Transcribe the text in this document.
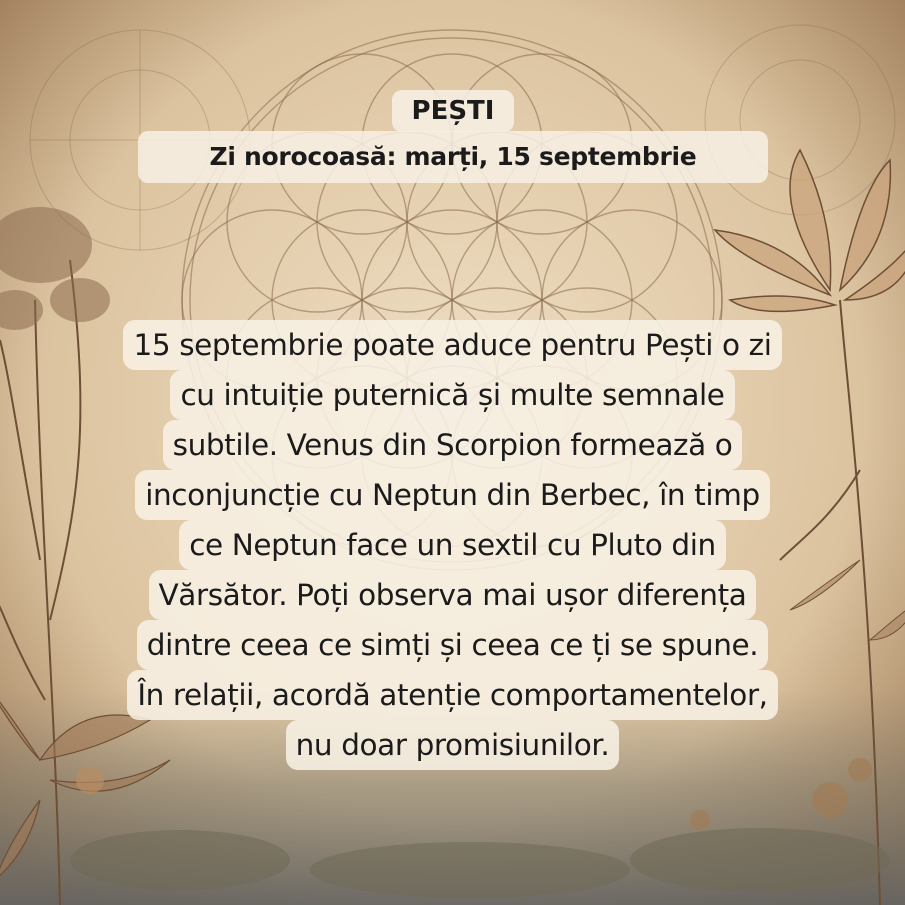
PEȘTI
Zi norocoasă: marți, 15 septembrie
15 septembrie poate aduce pentru Pești o zi
cu intuiție puternică și multe semnale
subtile. Venus din Scorpion formează o
inconjuncție cu Neptun din Berbec, în timp
ce Neptun face un sextil cu Pluto din
Vărsător. Poți observa mai ușor diferența
dintre ceea ce simți și ceea ce ți se spune.
În relații, acordă atenție comportamentelor,
nu doar promisiunilor.
